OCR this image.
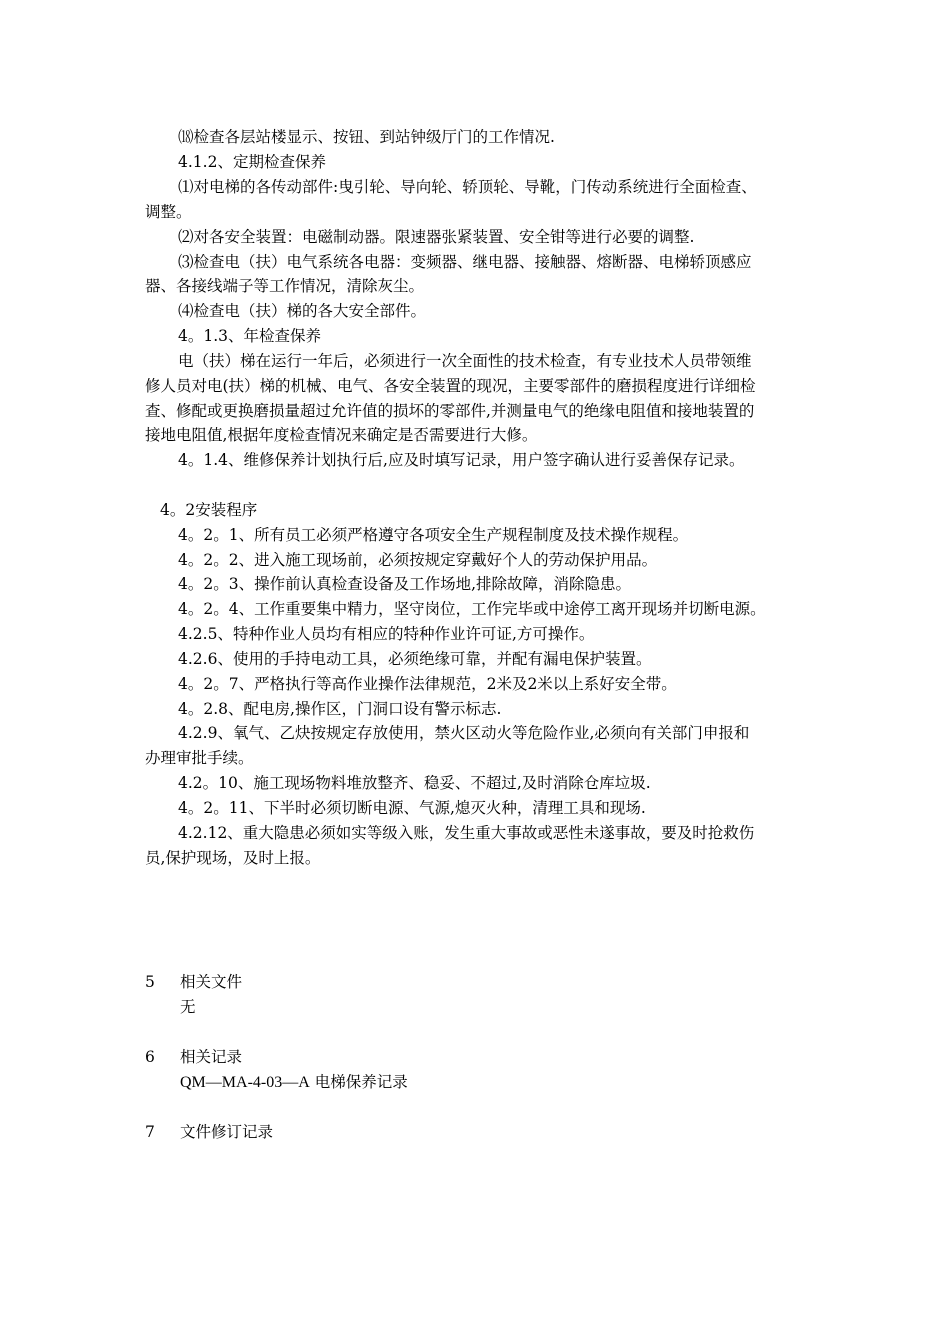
⒅检查各层站楼显示、按钮、到站钟级厅门的工作情况.
4.1.2、定期检查保养
⑴对电梯的各传动部件:曳引轮、导向轮、轿顶轮、导靴，门传动系统进行全面检查、
调整。
⑵对各安全装置：电磁制动器。限速器张紧装置、安全钳等进行必要的调整.
⑶检查电（扶）电气系统各电器：变频器、继电器、接触器、熔断器、电梯轿顶感应
器、各接线端子等工作情况，清除灰尘。
⑷检查电（扶）梯的各大安全部件。
4。1.3、年检查保养
电（扶）梯在运行一年后，必须进行一次全面性的技术检查，有专业技术人员带领维
修人员对电(扶）梯的机械、电气、各安全装置的现况，主要零部件的磨损程度进行详细检
查、修配或更换磨损量超过允许值的损坏的零部件,并测量电气的绝缘电阻值和接地装置的
接地电阻值,根据年度检查情况来确定是否需要进行大修。
4。1.4、维修保养计划执行后,应及时填写记录，用户签字确认进行妥善保存记录。
4。2安装程序
4。2。1、所有员工必须严格遵守各项安全生产规程制度及技术操作规程。
4。2。2、进入施工现场前，必须按规定穿戴好个人的劳动保护用品。
4。2。3、操作前认真检查设备及工作场地,排除故障，消除隐患。
4。2。4、工作重要集中精力，坚守岗位，工作完毕或中途停工离开现场并切断电源。
4.2.5、特种作业人员均有相应的特种作业许可证,方可操作。
4.2.6、使用的手持电动工具，必须绝缘可靠，并配有漏电保护装置。
4。2。7、严格执行等高作业操作法律规范，2米及2米以上系好安全带。
4。2.8、配电房,操作区，门洞口设有警示标志.
4.2.9、氧气、乙炔按规定存放使用，禁火区动火等危险作业,必须向有关部门申报和
办理审批手续。
4.2。10、施工现场物料堆放整齐、稳妥、不超过,及时消除仓库垃圾.
4。2。11、下半时必须切断电源、气源,熄灭火种，清理工具和现场.
4.2.12、重大隐患必须如实等级入账，发生重大事故或恶性未遂事故，要及时抢救伤
员,保护现场，及时上报。
5 相关文件
无
6 相关记录
QM—MA-4-03—A 电梯保养记录
7 文件修订记录
